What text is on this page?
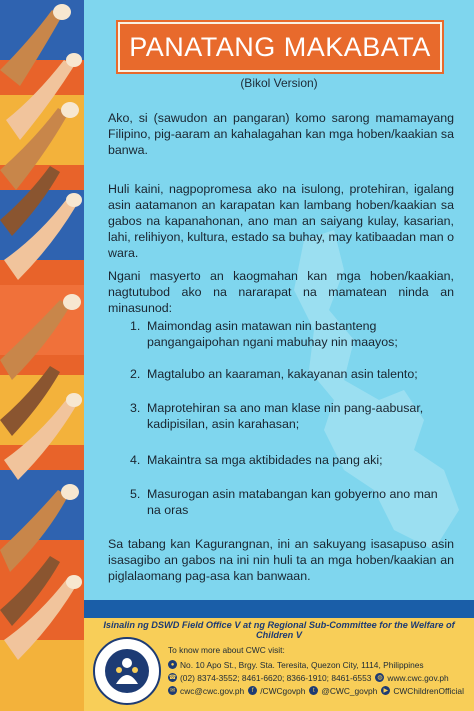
PANATANG MAKABATA
(Bikol Version)

Ako, si (sawudon an pangaran) komo sarong mamamayang Filipino, pig-aaram an kahalagahan kan mga hoben/kaakian sa banwa.

Huli kaini, nagpopromesa ako na isulong, protehiran, igalang asin aatamanon an karapatan kan lambang hoben/kaakian sa gabos na kapanahonan, ano man an saiyang kulay, kasarian, lahi, relihiyon, kultura, estado sa buhay, may katibaadan man o wara.

Ngani masyerto an kaogmahan kan mga hoben/kaakian, nagtutubod ako na nararapat na mamatean ninda an minasunod:

1. Maimondag asin matawan nin bastanteng pangangaipohan ngani mabuhay nin maayos;
2. Magtalubo an kaaraman, kakayanan asin talento;
3. Maprotehiran sa ano man klase nin pang-aabusar, kadipisilan, asin karahasan;
4. Makaintra sa mga aktibidades na pang aki;
5. Masurogan asin matabangan kan gobyerno ano man na oras

Sa tabang kan Kagurangnan, ini an sakuyang isasapuso asin isasagibo an gabos na ini nin huli ta an mga hoben/kaakian an piglalaomang pag-asa kan banwaan.

Isinalin ng DSWD Field Office V at ng Regional Sub-Committee for the Welfare of Children V
To know more about CWC visit:
● No. 10 Apo St., Brgy. Sta. Teresita, Quezon City, 1114, Philippines
☎ (02) 8374-3552; 8461-6620; 8366-1910; 8461-6553 ◍ www.cwc.gov.ph
✉ cwc@cwc.gov.ph	f /CWCgovph	t @CWC_govph	▶ CWChildrenOfficial
